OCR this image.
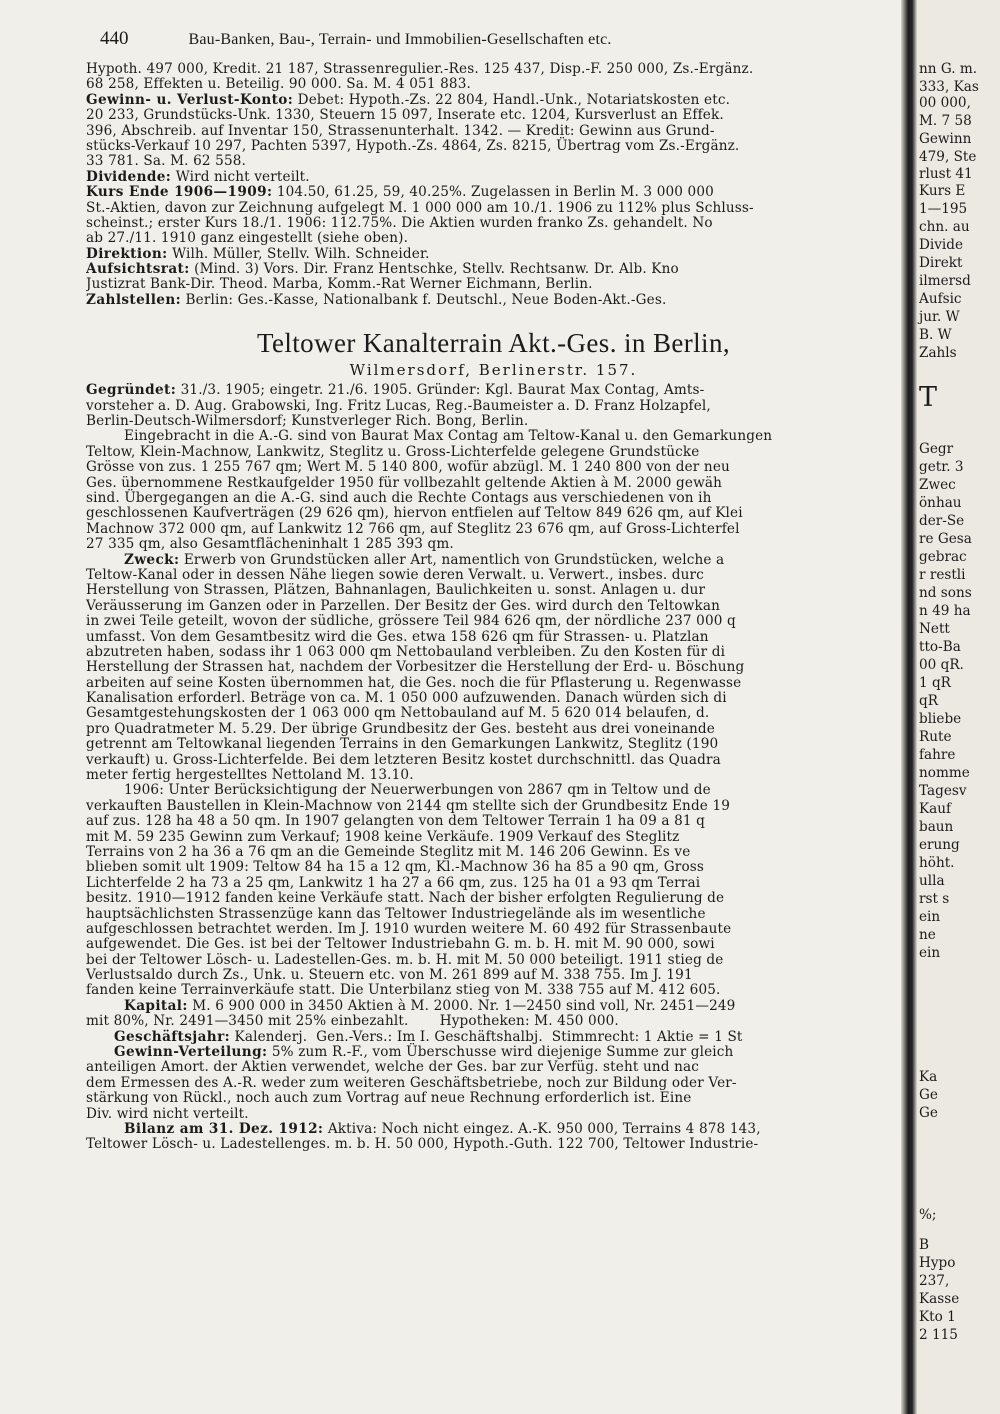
440	Bau-Banken, Bau-, Terrain- und Immobilien-Gesellschaften etc.
Hypoth. 497 000, Kredit. 21 187, Strassenregulier.-Res. 125 437, Disp.-F. 250 000, Zs.-Ergänz.
68 258, Effekten u. Beteilig. 90 000. Sa. M. 4 051 883.
Gewinn- u. Verlust-Konto: Debet: Hypoth.-Zs. 22 804, Handl.-Unk., Notariatskosten etc.
20 233, Grundstücks-Unk. 1330, Steuern 15 097, Inserate etc. 1204, Kursverlust an Effek.
396, Abschreib. auf Inventar 150, Strassenunterhalt. 1342. — Kredit: Gewinn aus Grund-
stücks-Verkauf 10 297, Pachten 5397, Hypoth.-Zs. 4864, Zs. 8215, Übertrag vom Zs.-Ergänz.
33 781. Sa. M. 62 558.
Dividende: Wird nicht verteilt.
Kurs Ende 1906—1909: 104.50, 61.25, 59, 40.25%. Zugelassen in Berlin M. 3 000 000
St.-Aktien, davon zur Zeichnung aufgelegt M. 1 000 000 am 10./1. 1906 zu 112% plus Schluss-
scheinst.; erster Kurs 18./1. 1906: 112.75%. Die Aktien wurden franko Zs. gehandelt. No
ab 27./11. 1910 ganz eingestellt (siehe oben).
Direktion: Wilh. Müller, Stellv. Wilh. Schneider.
Aufsichtsrat: (Mind. 3) Vors. Dir. Franz Hentschke, Stellv. Rechtsanw. Dr. Alb. Kno
Justizrat Bank-Dir. Theod. Marba, Komm.-Rat Werner Eichmann, Berlin.
Zahlstellen: Berlin: Ges.-Kasse, Nationalbank f. Deutschl., Neue Boden-Akt.-Ges.
Teltower Kanalterrain Akt.-Ges. in Berlin,
Wilmersdorf, Berlinerstr. 157.
Gegründet: 31./3. 1905; eingetr. 21./6. 1905. Gründer: Kgl. Baurat Max Contag, Amts-
vorsteher a. D. Aug. Grabowski, Ing. Fritz Lucas, Reg.-Baumeister a. D. Franz Holzapfel,
Berlin-Deutsch-Wilmersdorf; Kunstverleger Rich. Bong, Berlin.
Eingebracht in die A.-G. sind von Baurat Max Contag am Teltow-Kanal u. den Gemarkungen
Teltow, Klein-Machnow, Lankwitz, Steglitz u. Gross-Lichterfelde gelegene Grundstücke
Grösse von zus. 1 255 767 qm; Wert M. 5 140 800, wofür abzügl. M. 1 240 800 von der neu
Ges. übernommene Restkaufgelder 1950 für vollbezahlt geltende Aktien à M. 2000 gewäh
sind. Übergegangen an die A.-G. sind auch die Rechte Contags aus verschiedenen von ih
geschlossenen Kaufverträgen (29 626 qm), hiervon entfielen auf Teltow 849 626 qm, auf Klei
Machnow 372 000 qm, auf Lankwitz 12 766 qm, auf Steglitz 23 676 qm, auf Gross-Lichterfel
27 335 qm, also Gesamtflächeninhalt 1 285 393 qm.
Zweck: Erwerb von Grundstücken aller Art, namentlich von Grundstücken, welche a
Teltow-Kanal oder in dessen Nähe liegen sowie deren Verwalt. u. Verwert., insbes. durc
Herstellung von Strassen, Plätzen, Bahnanlagen, Baulichkeiten u. sonst. Anlagen u. dur
Veräusserung im Ganzen oder in Parzellen. Der Besitz der Ges. wird durch den Teltowkan
in zwei Teile geteilt, wovon der südliche, grössere Teil 984 626 qm, der nördliche 237 000 q
umfasst. Von dem Gesamtbesitz wird die Ges. etwa 158 626 qm für Strassen- u. Platzlan
abzutreten haben, sodass ihr 1 063 000 qm Nettobauland verbleiben. Zu den Kosten für di
Herstellung der Strassen hat, nachdem der Vorbesitzer die Herstellung der Erd- u. Böschung
arbeiten auf seine Kosten übernommen hat, die Ges. noch die für Pflasterung u. Regenwasse
Kanalisation erforderl. Beträge von ca. M. 1 050 000 aufzuwenden. Danach würden sich di
Gesamtgestehungskosten der 1 063 000 qm Nettobauland auf M. 5 620 014 belaufen, d.
pro Quadratmeter M. 5.29. Der übrige Grundbesitz der Ges. besteht aus drei voneinande
getrennt am Teltowkanal liegenden Terrains in den Gemarkungen Lankwitz, Steglitz (190
verkauft) u. Gross-Lichterfelde. Bei dem letzteren Besitz kostet durchschnittl. das Quadra
meter fertig hergestelltes Nettoland M. 13.10.
1906: Unter Berücksichtigung der Neuerwerbungen von 2867 qm in Teltow und de
verkauften Baustellen in Klein-Machnow von 2144 qm stellte sich der Grundbesitz Ende 19
auf zus. 128 ha 48 a 50 qm. In 1907 gelangten von dem Teltower Terrain 1 ha 09 a 81 q
mit M. 59 235 Gewinn zum Verkauf; 1908 keine Verkäufe. 1909 Verkauf des Steglitz
Terrains von 2 ha 36 a 76 qm an die Gemeinde Steglitz mit M. 146 206 Gewinn. Es ve
blieben somit ult 1909: Teltow 84 ha 15 a 12 qm, Kl.-Machnow 36 ha 85 a 90 qm, Gross
Lichterfelde 2 ha 73 a 25 qm, Lankwitz 1 ha 27 a 66 qm, zus. 125 ha 01 a 93 qm Terrai
besitz. 1910—1912 fanden keine Verkäufe statt. Nach der bisher erfolgten Regulierung de
hauptsächlichsten Strassenzüge kann das Teltower Industriegelände als im wesentliche
aufgeschlossen betrachtet werden. Im J. 1910 wurden weitere M. 60 492 für Strassenbaute
aufgewendet. Die Ges. ist bei der Teltower Industriebahn G. m. b. H. mit M. 90 000, sowi
bei der Teltower Lösch- u. Ladestellen-Ges. m. b. H. mit M. 50 000 beteiligt. 1911 stieg de
Verlustsaldo durch Zs., Unk. u. Steuern etc. von M. 261 899 auf M. 338 755. Im J. 191
fanden keine Terrainverkäufe statt. Die Unterbilanz stieg von M. 338 755 auf M. 412 605.
Kapital: M. 6 900 000 in 3450 Aktien à M. 2000. Nr. 1—2450 sind voll, Nr. 2451—249
mit 80%, Nr. 2491—3450 mit 25% einbezahlt.       Hypotheken: M. 450 000.
Geschäftsjahr: Kalenderj.  Gen.-Vers.: Im I. Geschäftshalbj.  Stimmrecht: 1 Aktie = 1 St
Gewinn-Verteilung: 5% zum R.-F., vom Überschusse wird diejenige Summe zur gleich
anteiligen Amort. der Aktien verwendet, welche der Ges. bar zur Verfüg. steht und nac
dem Ermessen des A.-R. weder zum weiteren Geschäftsbetriebe, noch zur Bildung oder Ver-
stärkung von Rückl., noch auch zum Vortrag auf neue Rechnung erforderlich ist. Eine
Div. wird nicht verteilt.
Bilanz am 31. Dez. 1912: Aktiva: Noch nicht eingez. A.-K. 950 000, Terrains 4 878 143,
Teltower Lösch- u. Ladestellenges. m. b. H. 50 000, Hypoth.-Guth. 122 700, Teltower Industrie-
nn G. m.
333, Kas
00 000,
M. 7 58
Gewinn
479, Ste
rlust 41
Kurs E
1—195
chn. au
Divide
Direkt
ilmersd
Aufsic
jur. W
B. W
Zahls
T
Gegr
getr. 3
Zwec
önhau
der-Se
re Gesa
gebrac
r restli
nd sons
n 49 ha
Nett
tto-Ba
00 qR.
1 qR
qR
bliebe
Rute
fahre
nomme
Tagesv
Kauf
baun
erung
höht.
ulla
rst s
ein
ne
ein
Ka
Ge
Ge
%;
B
Hypo
237,
Kasse
Kto 1
2 115
